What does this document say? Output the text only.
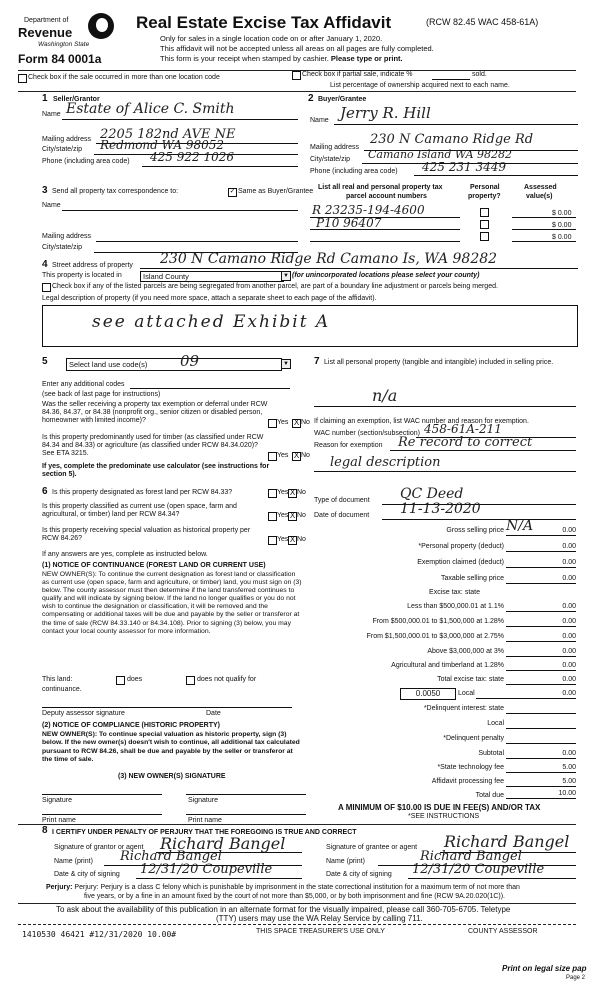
Department of
Revenue
Washington State
Form 84 0001a
Real Estate Excise Tax Affidavit	(RCW 82.45 WAC 458-61A)
Only for sales in a single location code on or after January 1, 2020.
This affidavit will not be accepted unless all areas on all pages are fully completed.
This form is your receipt when stamped by cashier. Please type or print.
Check box if the sale occurred in more than one location code	Check box if partial sale, indicate %	sold.
List percentage of ownership acquired next to each name.
1 Seller/Grantor
Name Estate of Alice C. Smith
Mailing address 2205 182nd AVE NE
City/state/zip Redmond WA 98052
Phone (including area code) 425 922 1026
2 Buyer/Grantee
Name Jerry R. Hill
Mailing address
230 N Camano Ridge Rd
City/state/zip Camano Island WA 98282
Phone (including area code) 425 231 3449
3 Send all property tax correspondence to:	✓ Same as Buyer/Grantee
Name
Mailing address
City/state/zip
List all real and personal property tax
parcel account numbers
Personal
property?
Assessed
value(s)
R 23235-194-4600	$ 0.00
P10 96407	$ 0.00
$ 0.00
4 Street address of property 230 N Camano Ridge Rd Camano Is, WA 98282
This property is located in	Island County	▼ (for unincorporated locations please select your county)
Check box if any of the listed parcels are being segregated from another parcel, are part of a boundary line adjustment or parcels being merged.
Legal description of property (if you need more space, attach a separate sheet to each page of the affidavit).
see attached Exhibit A
5	Select land use code(s)	09	▼
Enter any additional codes
(see back of last page for instructions)
Was the seller receiving a property tax exemption or deferral under RCW 84.36, 84.37, or 84.38 (nonprofit org., senior citizen or disabled person, homeowner with limited income)?	Yes X No
Is this property predominantly used for timber (as classified under RCW 84.34 and 84.33) or agriculture (as classified under RCW 84.34.020)? See ETA 3215.	Yes X No
If yes, complete the predominate use calculator (see instructions for section 5).
6 Is this property designated as forest land per RCW 84.33?	Yes X No
Is this property classified as current use (open space, farm and agricultural, or timber) land per RCW 84.34?	Yes X No
Is this property receiving special valuation as historical property per RCW 84.26?	Yes X No
If any answers are yes, complete as instructed below.
(1) NOTICE OF CONTINUANCE (FOREST LAND OR CURRENT USE)
NEW OWNER(S): To continue the current designation as forest land or classification as current use (open space, farm and agriculture, or timber) land, you must sign on (3) below. The county assessor must then determine if the land transferred continues to qualify and will indicate by signing below. If the land no longer qualifies or you do not wish to continue the designation or classification, it will be removed and the compensating or additional taxes will be due and payable by the seller or transferor at the time of sale (RCW 84.33.140 or 84.34.108). Prior to signing (3) below, you may contact your local county assessor for more information.
This land:	does	does not qualify for
continuance.
Deputy assessor signature	Date
(2) NOTICE OF COMPLIANCE (HISTORIC PROPERTY)
NEW OWNER(S): To continue special valuation as historic property, sign (3) below. If the new owner(s) doesn't wish to continue, all additional tax calculated pursuant to RCW 84.26, shall be due and payable by the seller or transferor at the time of sale.
(3) NEW OWNER(S) SIGNATURE
Signature	Signature
Print name	Print name
7 List all personal property (tangible and intangible) included in selling price.
n/a
If claiming an exemption, list WAC number and reason for exemption.
WAC number (section/subsection) 458-61A-211
Reason for exemption Re record to correct
legal description
Type of document QC Deed
Date of document 11-13-2020
Gross selling price N/A	0.00
*Personal property (deduct)	0.00
Exemption claimed (deduct)	0.00
Taxable selling price	0.00
Excise tax: state
Less than $500,000.01 at 1.1%	0.00
From $500,000.01 to $1,500,000 at 1.28%	0.00
From $1,500,000.01 to $3,000,000 at 2.75%	0.00
Above $3,000,000 at 3%	0.00
Agricultural and timberland at 1.28%	0.00
Total excise tax: state	0.00
0.0050	Local	0.00
*Delinquent interest: state
Local
*Delinquent penalty
Subtotal	0.00
*State technology fee	5.00
Affidavit processing fee	5.00
Total due	10.00
A MINIMUM OF $10.00 IS DUE IN FEE(S) AND/OR TAX
*SEE INSTRUCTIONS
8 I CERTIFY UNDER PENALTY OF PERJURY THAT THE FOREGOING IS TRUE AND CORRECT
Signature of grantor or agent Richard Bangel
Name (print) Richard Bangel
Date & city of signing 12/31/20 Coupeville
Signature of grantee or agent Richard Bangel
Name (print)	Richard Bangel
Date & city of signing 12/31/20 Coupeville
Perjury: Perjury: Perjury is a class C felony which is punishable by imprisonment in the state correctional institution for a maximum term of not more than
five years, or by a fine in an amount fixed by the court of not more than $5,000, or by both imprisonment and fine (RCW 9A.20.020(1C)).
To ask about the availability of this publication in an alternate format for the visually impaired, please call 360-705-6705. Teletype
(TTY) users may use the WA Relay Service by calling 711.
1410530 46421 #12/31/2020 10.00#	THIS SPACE TREASURER'S USE ONLY	COUNTY ASSESSOR
Print on legal size pap
Page 2
